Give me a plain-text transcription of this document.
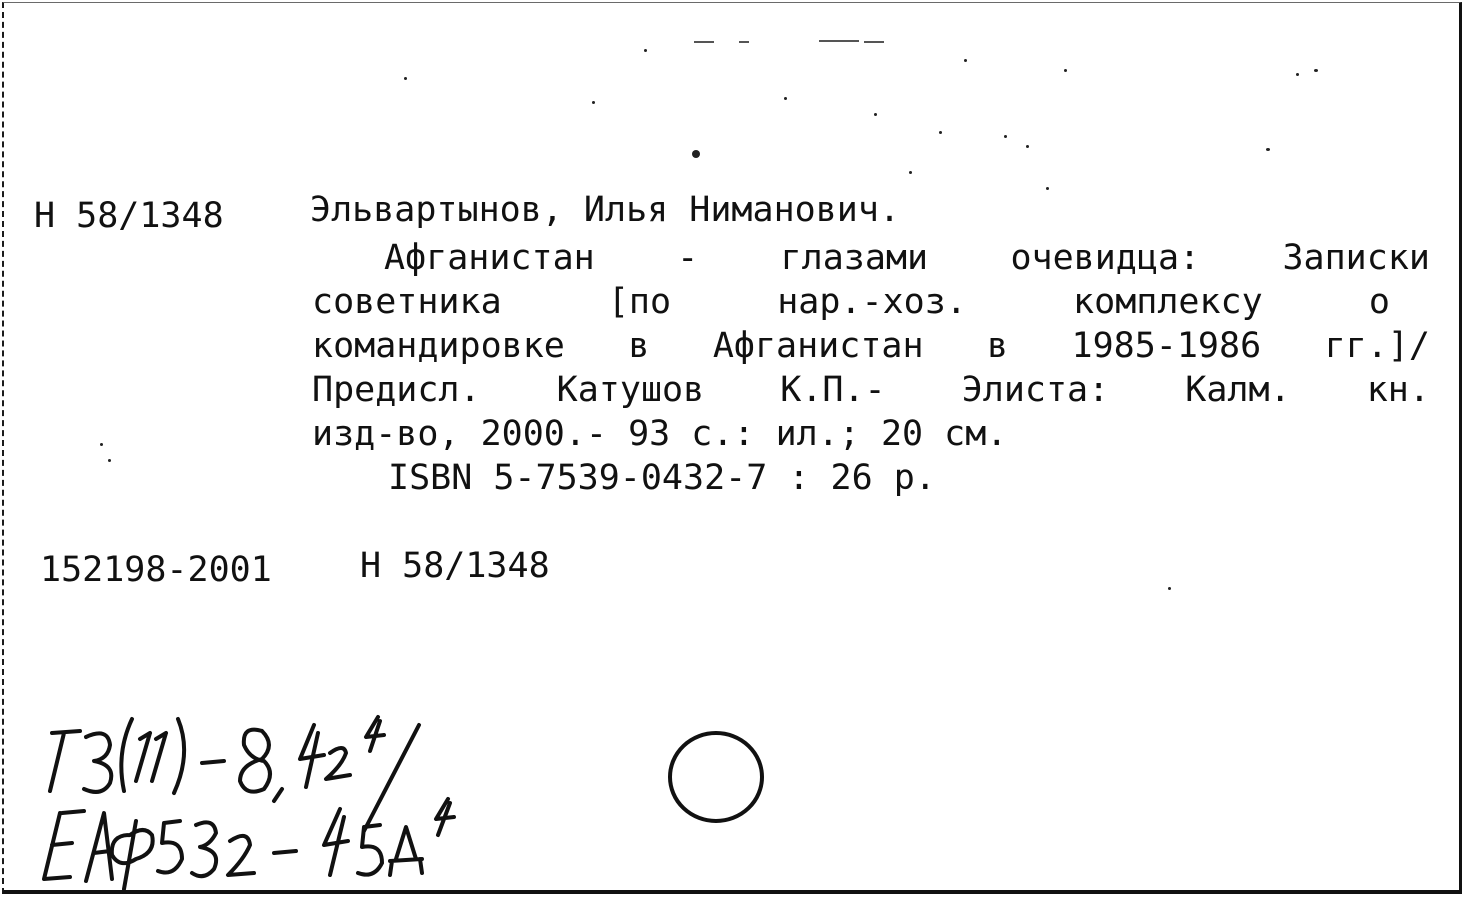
Н 58/1348 Эльвартынов, Илья Ниманович.
Афганистан - глазами очевидца: Записки
советника	[по	нар.-хоз.	комплексу	о
командировке в Афганистан в 1985-1986 гг.]/
Предисл. Катушов К.П.- Элиста: Калм. кн.
изд-во, 2000.- 93 с.: ил.; 20 см.
ISBN 5-7539-0432-7 : 26 р.
152198-2001	Н 58/1348
